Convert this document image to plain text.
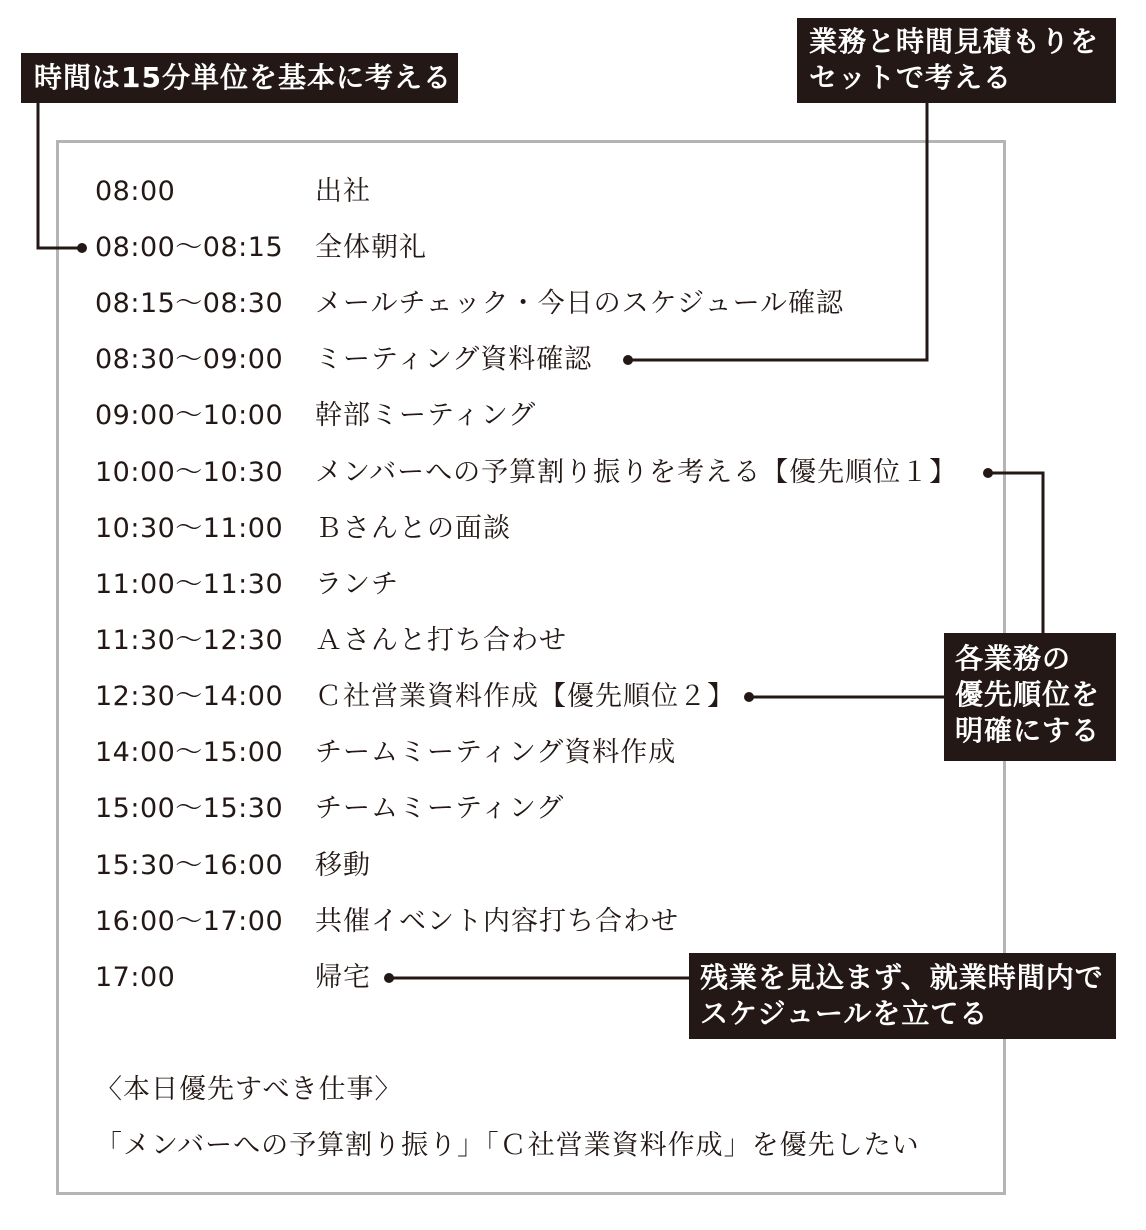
08:00	出社
08:00〜08:15 全体朝礼
08:15〜08:30 メールチェック・今日のスケジュール確認
08:30〜09:00 ミーティング資料確認
09:00〜10:00 幹部ミーティング
10:00〜10:30 メンバーへの予算割り振りを考える【優先順位１】
10:30〜11:00 Ｂさんとの面談
11:00〜11:30 ランチ
11:30〜12:30 Ａさんと打ち合わせ
12:30〜14:00 Ｃ社営業資料作成【優先順位２】
14:00〜15:00 チームミーティング資料作成
15:00〜15:30 チームミーティング
15:30〜16:00 移動
16:00〜17:00 共催イベント内容打ち合わせ
17:00	帰宅
〈本日優先すべき仕事〉
「メンバーへの予算割り振り」「Ｃ社営業資料作成」を優先したい
時間は15分単位を基本に考える
業務と時間見積もりを
セットで考える
各業務の
優先順位を
明確にする
残業を見込まず、就業時間内で
スケジュールを立てる
